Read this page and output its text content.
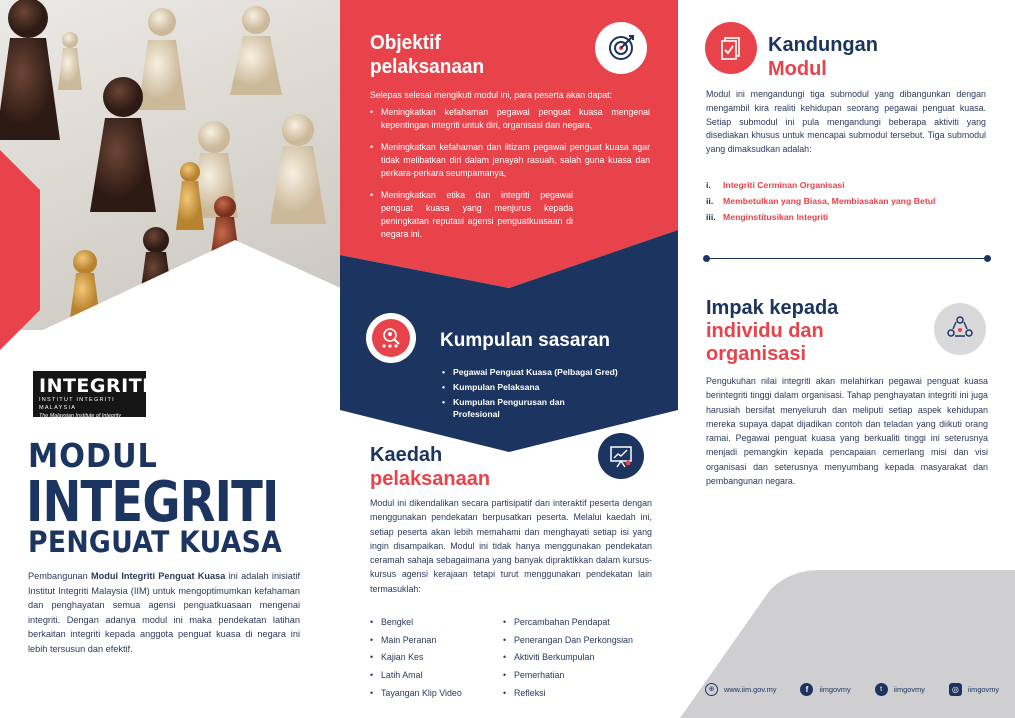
INTEGRITI
INSTITUT INTEGRITI MALAYSIA
The Malaysian Institute of Integrity
MODUL
INTEGRITI
PENGUAT KUASA
Pembangunan Modul Integriti Penguat Kuasa ini adalah inisiatif Institut Integriti Malaysia (IIM) untuk mengoptimumkan kefahaman dan penghayatan semua agensi penguatkuasaan mengenai integriti. Dengan adanya modul ini maka pendekatan latihan berkaitan integriti kepada anggota penguat kuasa di negara ini lebih tersusun dan efektif.
Objektif
pelaksanaan
Selepas selesai mengikuti modul ini, para peserta akan dapat:
• Meningkatkan kefahaman pegawai penguat kuasa mengenai kepentingan integriti untuk diri, organisasi dan negara,
• Meningkatkan kefahaman dan iltizam pegawai penguat kuasa agar tidak melibatkan diri dalam jenayah rasuah, salah guna kuasa dan perkara-perkara seumpamanya,
• Meningkatkan etika dan integriti pegawai penguat kuasa yang menjurus kepada peningkatan reputasi agensi penguatkuasaan di negara ini.
Kumpulan sasaran
• Pegawai Penguat Kuasa (Pelbagai Gred)
• Kumpulan Pelaksana
• Kumpulan Pengurusan dan Profesional
Kaedah
pelaksanaan
Modul ini dikendalikan secara partisipatif dan interaktif peserta dengan menggunakan pendekatan berpusatkan peserta. Melalui kaedah ini, setiap peserta akan lebih memahami dan menghayati setiap isi yang ingin disampaikan. Modul ini tidak hanya menggunakan pendekatan ceramah sahaja sebagaimana yang banyak dipraktikkan dalam kursus-kursus agensi kerajaan tetapi turut menggunakan pendekatan lain termasuklah:
• Bengkel
• Main Peranan
• Kajian Kes
• Latih Amal
• Tayangan Klip Video
• Percambahan Pendapat
• Penerangan Dan Perkongsian
• Aktiviti Berkumpulan
• Pemerhatian
• Refleksi
Kandungan
Modul
Modul ini mengandungi tiga submodul yang dibangunkan dengan mengambil kira realiti kehidupan seorang pegawai penguat kuasa. Setiap submodul ini pula mengandungi beberapa aktiviti yang disediakan khusus untuk mencapai submodul tersebut. Tiga submodul yang dimaksudkan adalah:
i. Integriti Cerminan Organisasi
ii. Membetulkan yang Biasa, Membiasakan yang Betul
iii. Menginstitusikan Integriti
Impak kepada
individu dan
organisasi
Pengukuhan nilai integriti akan melahirkan pegawai penguat kuasa berintegriti tinggi dalam organisasi. Tahap penghayatan integriti ini juga harusiah bersifat menyeluruh dan meliputi setiap aspek kehidupan mereka supaya dapat dijadikan contoh dan teladan yang diikuti orang ramai. Pegawai penguat kuasa yang berkualiti tinggi ini seterusnya menjadi pemangkin kepada pencapaian cemerlang misi dan visi organisasi dan seterusnya menyumbang kepada masyarakat dan pembangunan negara.
⊕	www.iim.gov.my	f	iimgovmy	t	iimgovmy	◎	iimgovmy
